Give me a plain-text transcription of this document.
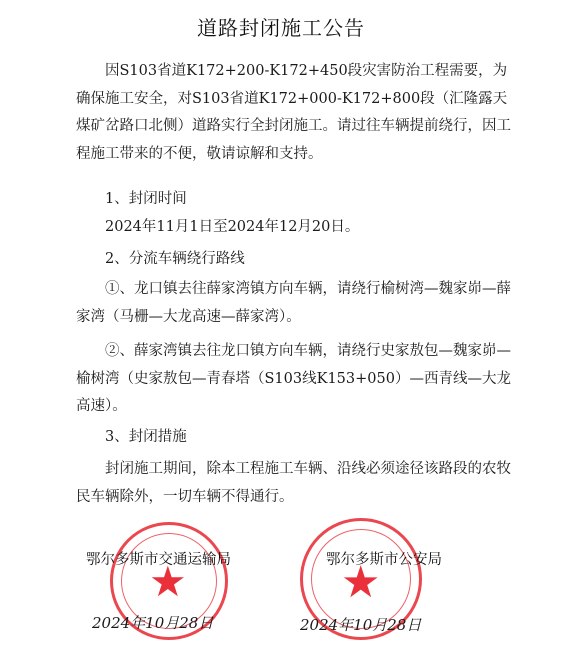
道路封闭施工公告

因S103省道K172+200-K172+450段灾害防治工程需要，为确保施工安全，对S103省道K172+000-K172+800段（汇隆露天煤矿岔路口北侧）道路实行全封闭施工。请过往车辆提前绕行，因工程施工带来的不便，敬请谅解和支持。

1、封闭时间

2024年11月1日至2024年12月20日。

2、分流车辆绕行路线

①、龙口镇去往薛家湾镇方向车辆，请绕行榆树湾—魏家峁—薛家湾（马栅—大龙高速—薛家湾）。

②、薛家湾镇去往龙口镇方向车辆，请绕行史家敖包—魏家峁—榆树湾（史家敖包—青春塔（S103线K153+050）—西青线—大龙高速）。

3、封闭措施

封闭施工期间，除本工程施工车辆、沿线必须途径该路段的农牧民车辆除外，一切车辆不得通行。

★	★
鄂尔多斯市交通运输局	鄂尔多斯市公安局
2024年10月28日	2024年10月28日
